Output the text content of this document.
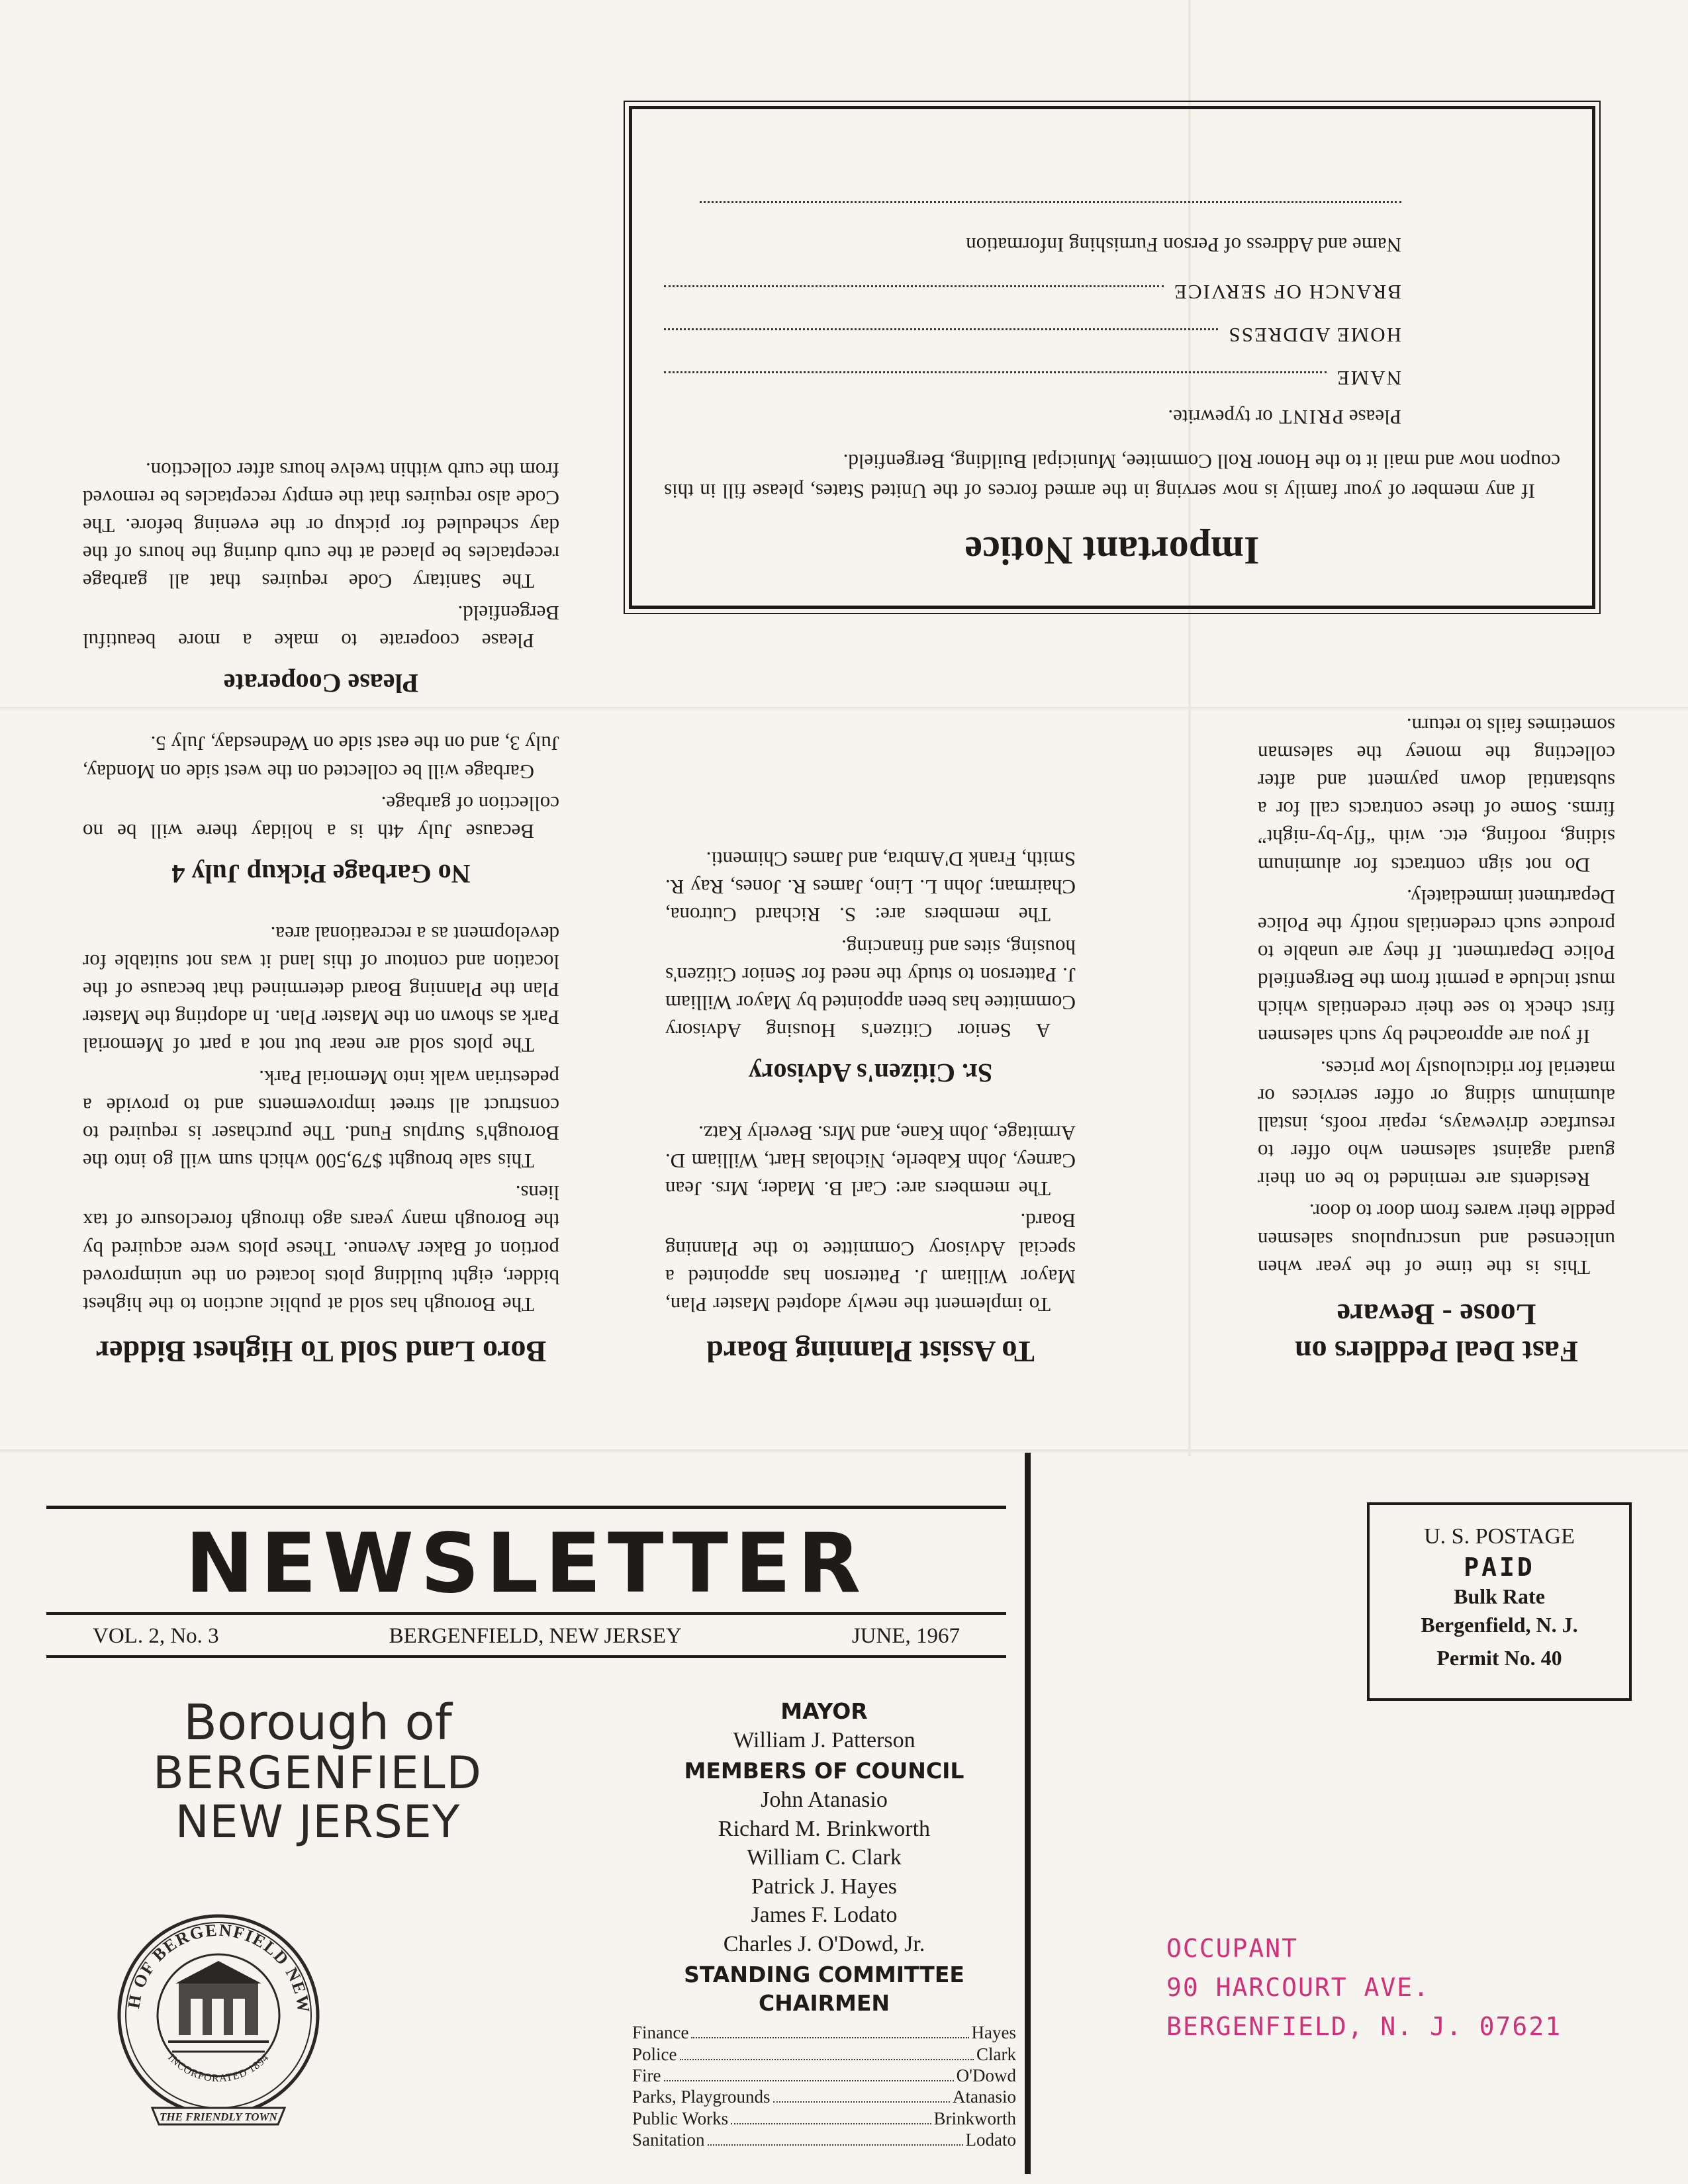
Fast Deal Peddlers on Loose - Beware

This is the time of the year when unlicensed and unscrupulous salesmen peddle their wares from door to door.

Residents are reminded to be on their guard against salesmen who offer to resurface driveways, repair roofs, install aluminum siding or offer services or material for ridiculously low prices.

If you are approached by such salesmen first check to see their credentials which must include a permit from the Bergenfield Police Department. If they are unable to produce such credentials notify the Police Department immediately.

Do not sign contracts for aluminum siding, roofing, etc. with “fly-by-night” firms. Some of these contracts call for a substantial down payment and after collecting the money the salesman sometimes fails to return.

To Assist Planning Board

To implement the newly adopted Master Plan, Mayor William J. Patterson has appointed a special Advisory Committee to the Planning Board.

The members are: Carl B. Mader, Mrs. Jean Carney, John Kaberle, Nicholas Hart, William D. Armitage, John Kane, and Mrs. Beverly Katz.

Sr. Citizen's Advisory

A Senior Citizen's Housing Advisory Committee has been appointed by Mayor William J. Patterson to study the need for Senior Citizen's housing, sites and financing.

The members are: S. Richard Cutrona, Chairman; John L. Lino, James R. Jones, Ray R. Smith, Frank D'Ambra, and James Chimenti.

Boro Land Sold To Highest Bidder

The Borough has sold at public auction to the highest bidder, eight building plots located on the unimproved portion of Baker Avenue. These plots were acquired by the Borough many years ago through foreclosure of tax liens.

This sale brought $79,500 which sum will go into the Borough's Surplus Fund. The purchaser is required to construct all street improvements and to provide a pedestrian walk into Memorial Park.

The plots sold are near but not a part of Memorial Park as shown on the Master Plan. In adopting the Master Plan the Planning Board determined that because of the location and contour of this land it was not suitable for development as a recreational area.

No Garbage Pickup July 4

Because July 4th is a holiday there will be no collection of garbage.

Garbage will be collected on the west side on Monday, July 3, and on the east side on Wednesday, July 5.

Please Cooperate

Please cooperate to make a more beautiful Bergenfield.

The Sanitary Code requires that all garbage receptacles be placed at the curb during the hours of the day scheduled for pickup or the evening before. The Code also requires that the empty receptacles be removed from the curb within twelve hours after collection.

Important Notice

If any member of your family is now serving in the armed forces of the United States, please fill in this coupon now and mail it to the Honor Roll Commitee, Municipal Building, Bergenfield.

Please PRINT or typewrite.
NAME
HOME ADDRESS
BRANCH OF SERVICE
Name and Address of Person Furnishing Information
NEWSLETTER
VOL. 2, No. 3	BERGENFIELD, NEW JERSEY	JUNE, 1967
Borough of
BERGENFIELD
NEW JERSEY
H OF BERGENFIELD NEW
INCORPORATED 1894
THE FRIENDLY TOWN
MAYOR
William J. Patterson
MEMBERS OF COUNCIL
John Atanasio
Richard M. Brinkworth
William C. Clark
Patrick J. Hayes
James F. Lodato
Charles J. O'Dowd, Jr.
STANDING COMMITTEE
CHAIRMEN
Finance	Hayes
Police	Clark
Fire	O'Dowd
Parks, Playgrounds	Atanasio
Public Works	Brinkworth
Sanitation	Lodato
U. S. POSTAGE
PAID
Bulk Rate
Bergenfield, N. J.
Permit No. 40
OCCUPANT
90 HARCOURT AVE.
BERGENFIELD, N. J. 07621
